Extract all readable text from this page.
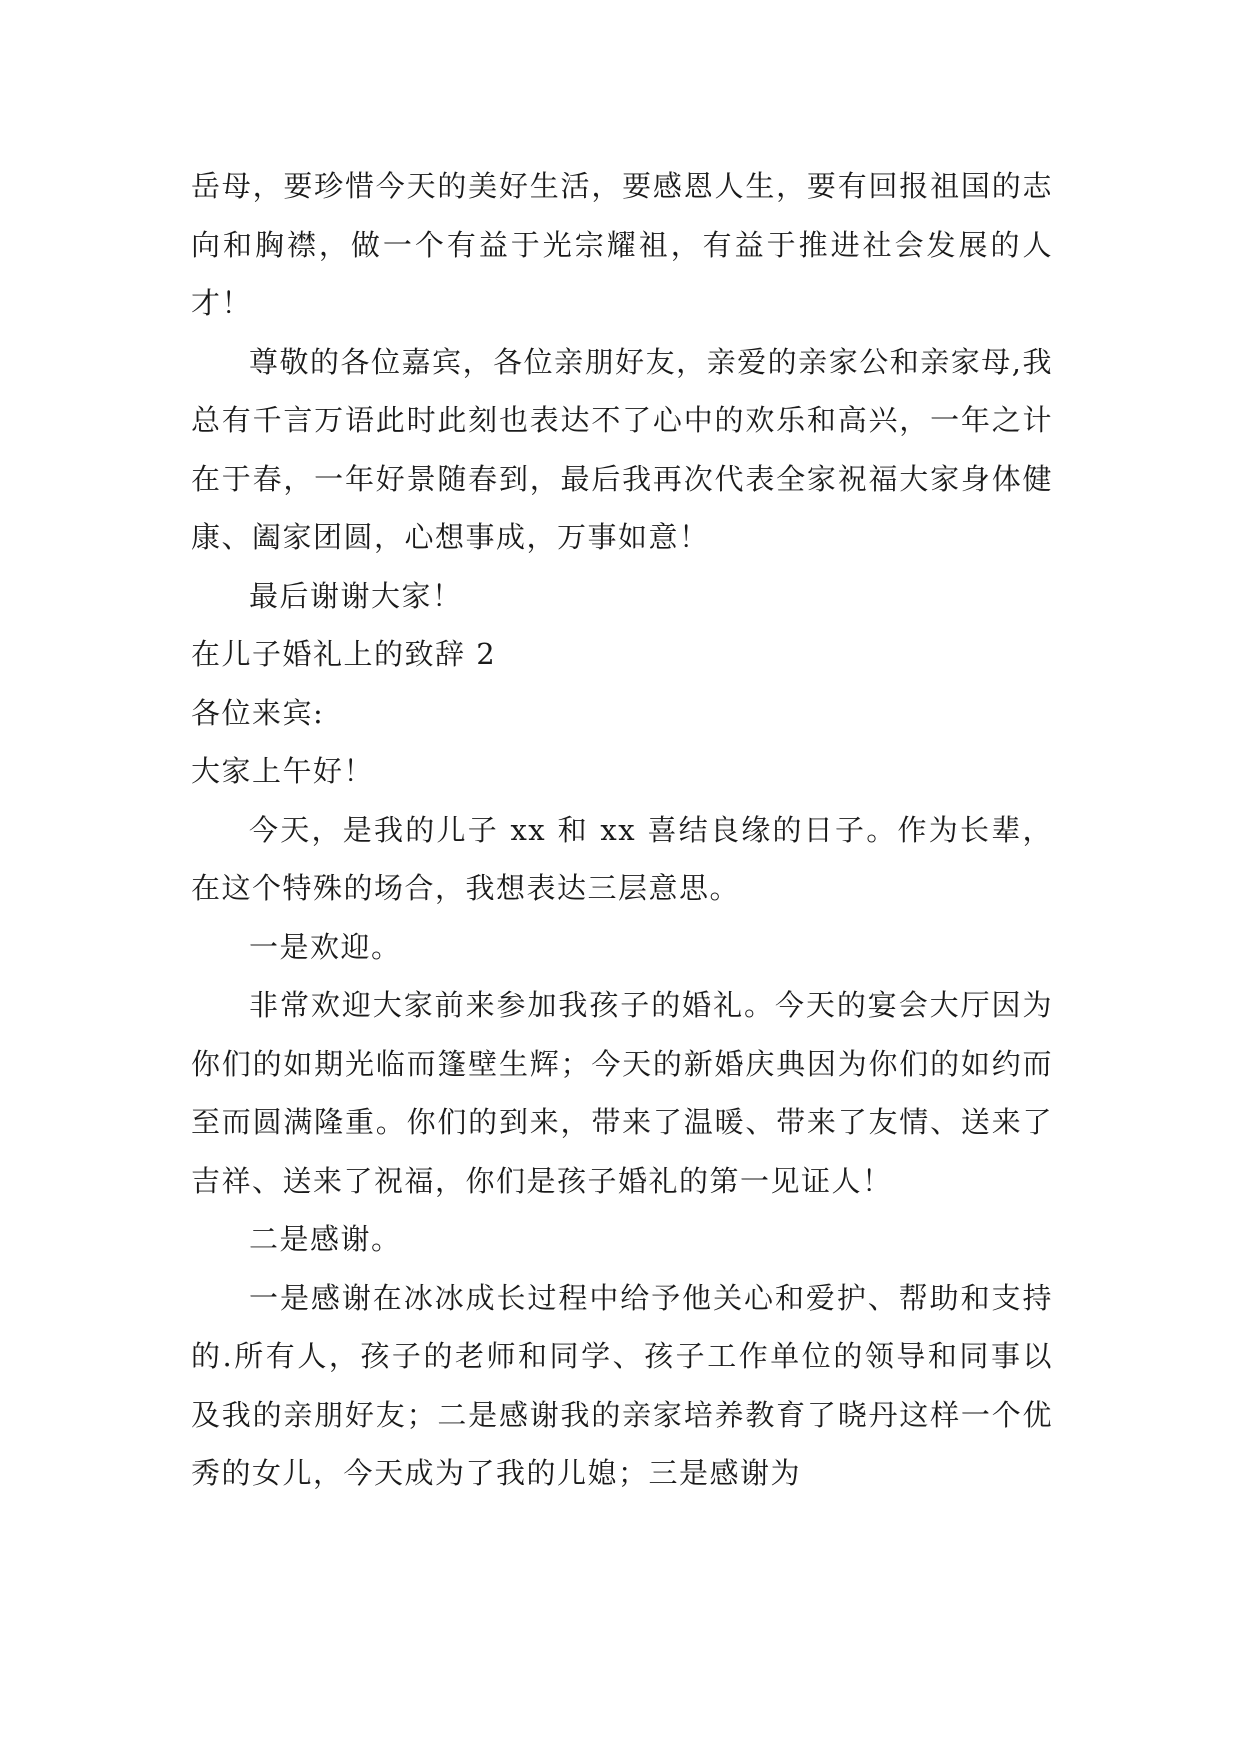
岳母，要珍惜今天的美好生活，要感恩人生，要有回报祖国的志向和胸襟，做一个有益于光宗耀祖，有益于推进社会发展的人才！

尊敬的各位嘉宾，各位亲朋好友，亲爱的亲家公和亲家母,我总有千言万语此时此刻也表达不了心中的欢乐和高兴，一年之计在于春，一年好景随春到，最后我再次代表全家祝福大家身体健康、阖家团圆，心想事成，万事如意！

最后谢谢大家！

在儿子婚礼上的致辞 2

各位来宾:

大家上午好！

今天，是我的儿子 xx 和 xx 喜结良缘的日子。作为长辈，在这个特殊的场合，我想表达三层意思。

一是欢迎。

非常欢迎大家前来参加我孩子的婚礼。今天的宴会大厅因为你们的如期光临而篷壁生辉；今天的新婚庆典因为你们的如约而至而圆满隆重。你们的到来，带来了温暖、带来了友情、送来了吉祥、送来了祝福，你们是孩子婚礼的第一见证人！

二是感谢。

一是感谢在冰冰成长过程中给予他关心和爱护、帮助和支持的.所有人，孩子的老师和同学、孩子工作单位的领导和同事以及我的亲朋好友；二是感谢我的亲家培养教育了晓丹这样一个优秀的女儿，今天成为了我的儿媳；三是感谢为
